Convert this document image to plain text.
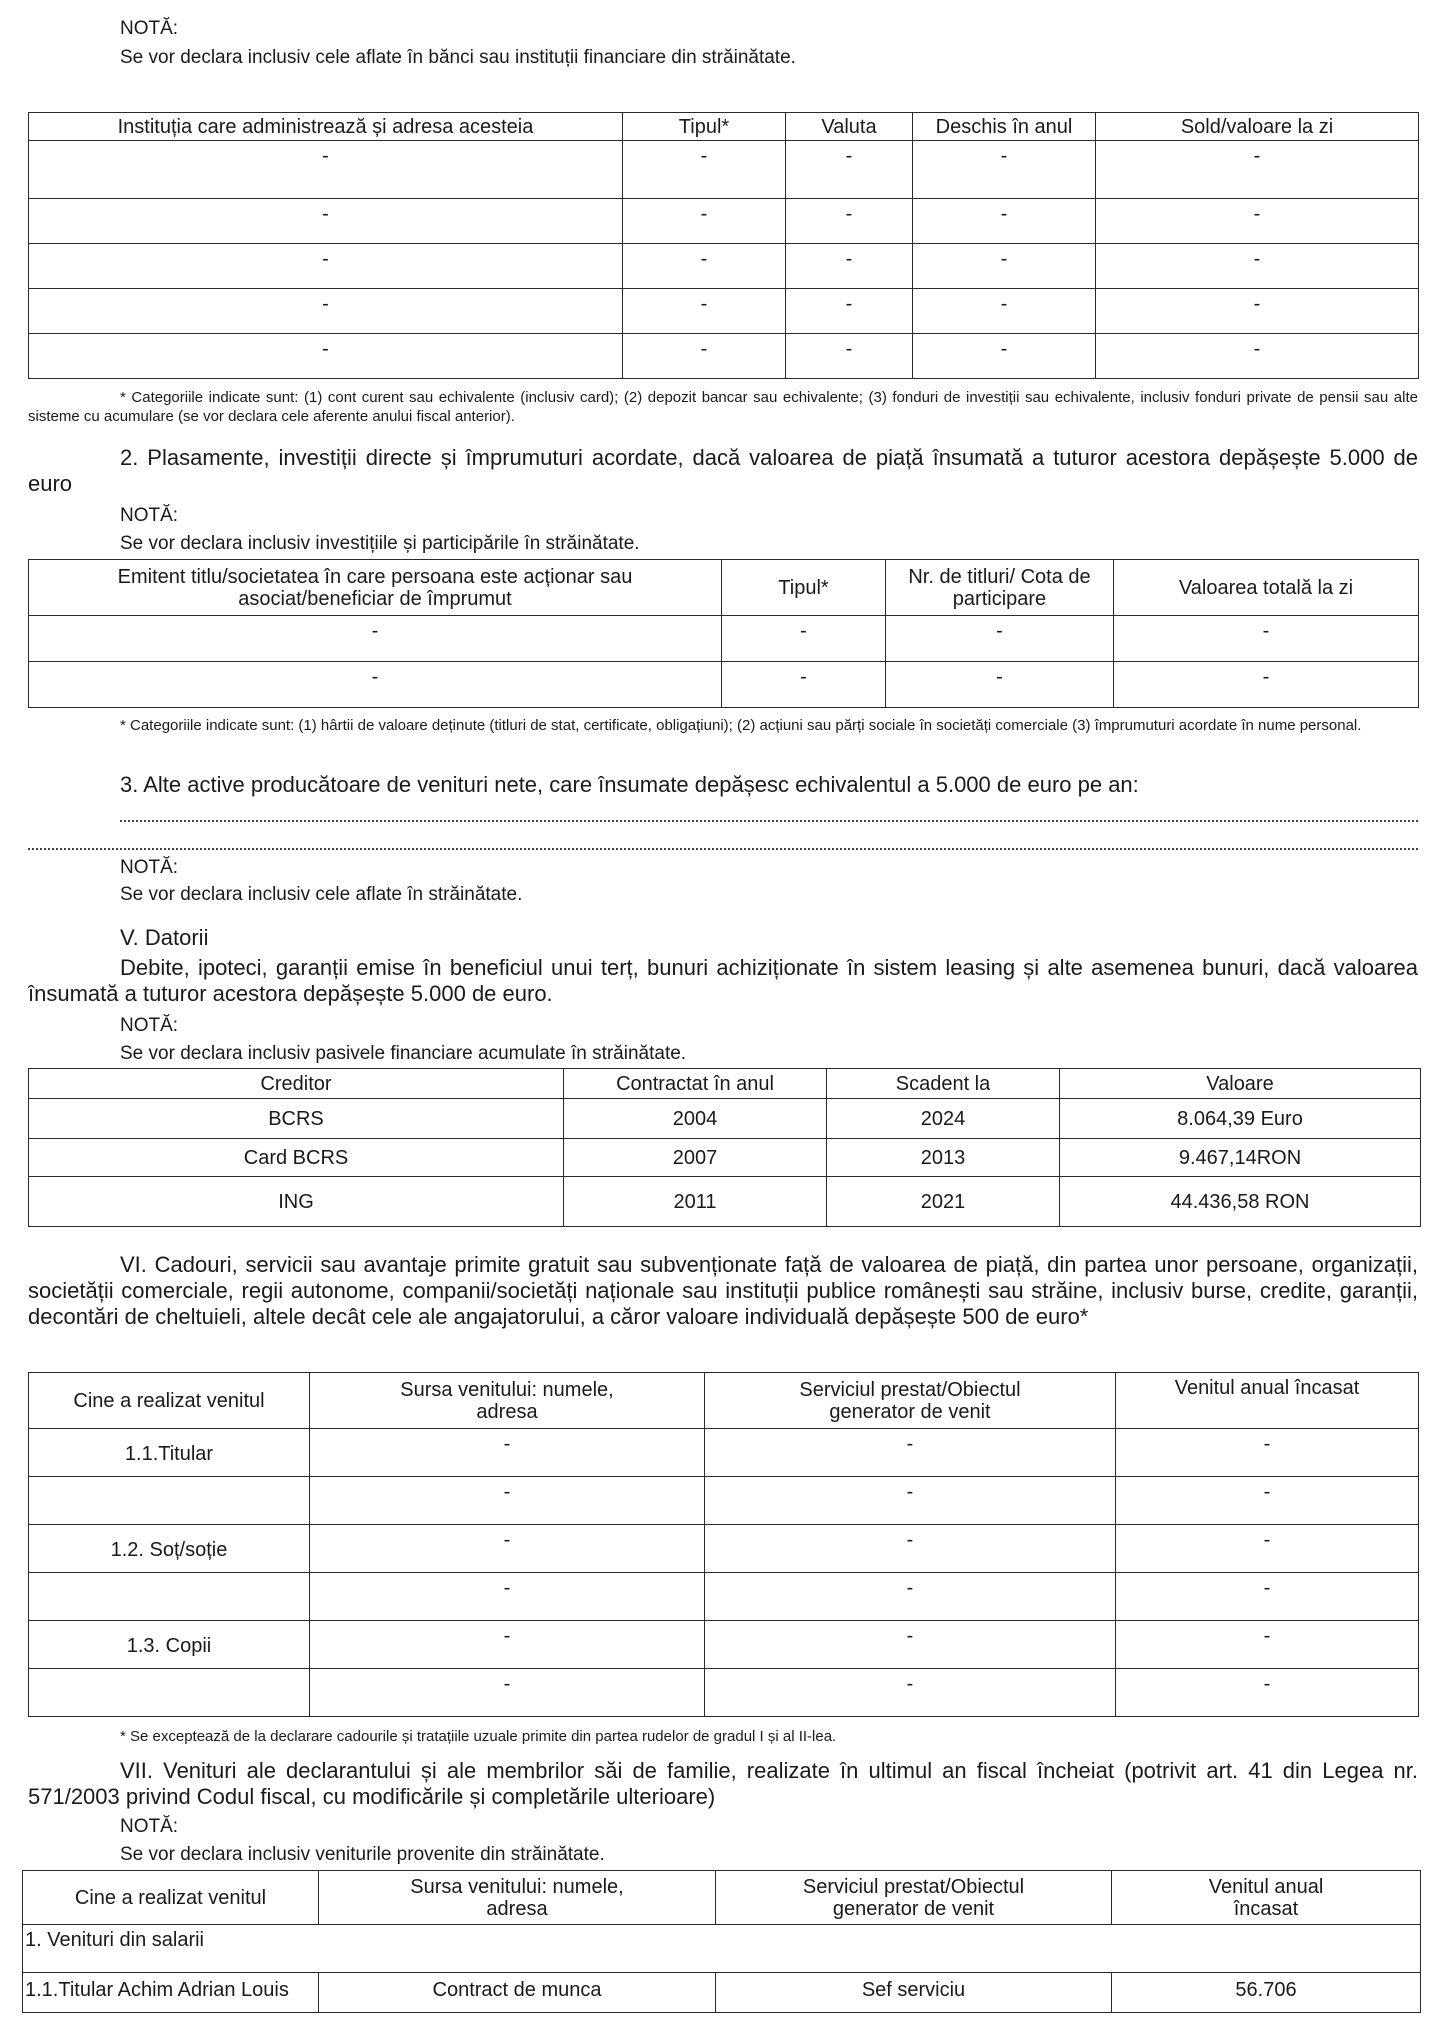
NOTĂ:
Se vor declara inclusiv cele aflate în bănci sau instituții financiare din străinătate.
Instituția care administrează și adresa acesteia	Tipul*	Valuta	Deschis în anul	Sold/valoare la zi
-	-	-	-	-
-	-	-	-	-
-	-	-	-	-
-	-	-	-	-
-	-	-	-	-
* Categoriile indicate sunt: (1) cont curent sau echivalente (inclusiv card); (2) depozit bancar sau echivalente; (3) fonduri de investiții sau echivalente, inclusiv fonduri private de pensii sau alte sisteme cu acumulare (se vor declara cele aferente anului fiscal anterior).
2. Plasamente, investiții directe și împrumuturi acordate, dacă valoarea de piață însumată a tuturor acestora depășește 5.000 de euro
NOTĂ:
Se vor declara inclusiv investițiile și participările în străinătate.
Emitent titlu/societatea în care persoana este acționar sau asociat/beneficiar de împrumut	Tipul*	Nr. de titluri/ Cota de participare	Valoarea totală la zi
-	-	-	-
-	-	-	-
* Categoriile indicate sunt: (1) hârtii de valoare deținute (titluri de stat, certificate, obligațiuni); (2) acțiuni sau părți sociale în societăți comerciale (3) împrumuturi acordate în nume personal.
3. Alte active producătoare de venituri nete, care însumate depășesc echivalentul a 5.000 de euro pe an:
NOTĂ:
Se vor declara inclusiv cele aflate în străinătate.
V. Datorii
Debite, ipoteci, garanții emise în beneficiul unui terț, bunuri achiziționate în sistem leasing și alte asemenea bunuri, dacă valoarea însumată a tuturor acestora depășește 5.000 de euro.
NOTĂ:
Se vor declara inclusiv pasivele financiare acumulate în străinătate.
Creditor	Contractat în anul	Scadent la	Valoare
BCRS	2004	2024	8.064,39 Euro
Card BCRS	2007	2013	9.467,14RON
ING	2011	2021	44.436,58 RON
VI. Cadouri, servicii sau avantaje primite gratuit sau subvenționate față de valoarea de piață, din partea unor persoane, organizații, societății comerciale, regii autonome, companii/societăți naționale sau instituții publice românești sau străine, inclusiv burse, credite, garanții, decontări de cheltuieli, altele decât cele ale angajatorului, a căror valoare individuală depășește 500 de euro*
Cine a realizat venitul	Sursa venitului: numele, adresa	Serviciul prestat/Obiectul generator de venit	Venitul anual încasat
1.1.Titular	-	-	-
	-	-	-
1.2. Soț/soție	-	-	-
	-	-	-
1.3. Copii	-	-	-
	-	-	-
* Se exceptează de la declarare cadourile și tratațiile uzuale primite din partea rudelor de gradul I și al II-lea.
VII. Venituri ale declarantului și ale membrilor săi de familie, realizate în ultimul an fiscal încheiat (potrivit art. 41 din Legea nr. 571/2003 privind Codul fiscal, cu modificările și completările ulterioare)
NOTĂ:
Se vor declara inclusiv veniturile provenite din străinătate.
Cine a realizat venitul	Sursa venitului: numele, adresa	Serviciul prestat/Obiectul generator de venit	Venitul anual încasat
1. Venituri din salarii			
1.1.Titular Achim Adrian Louis	Contract de munca	Sef serviciu	56.706
